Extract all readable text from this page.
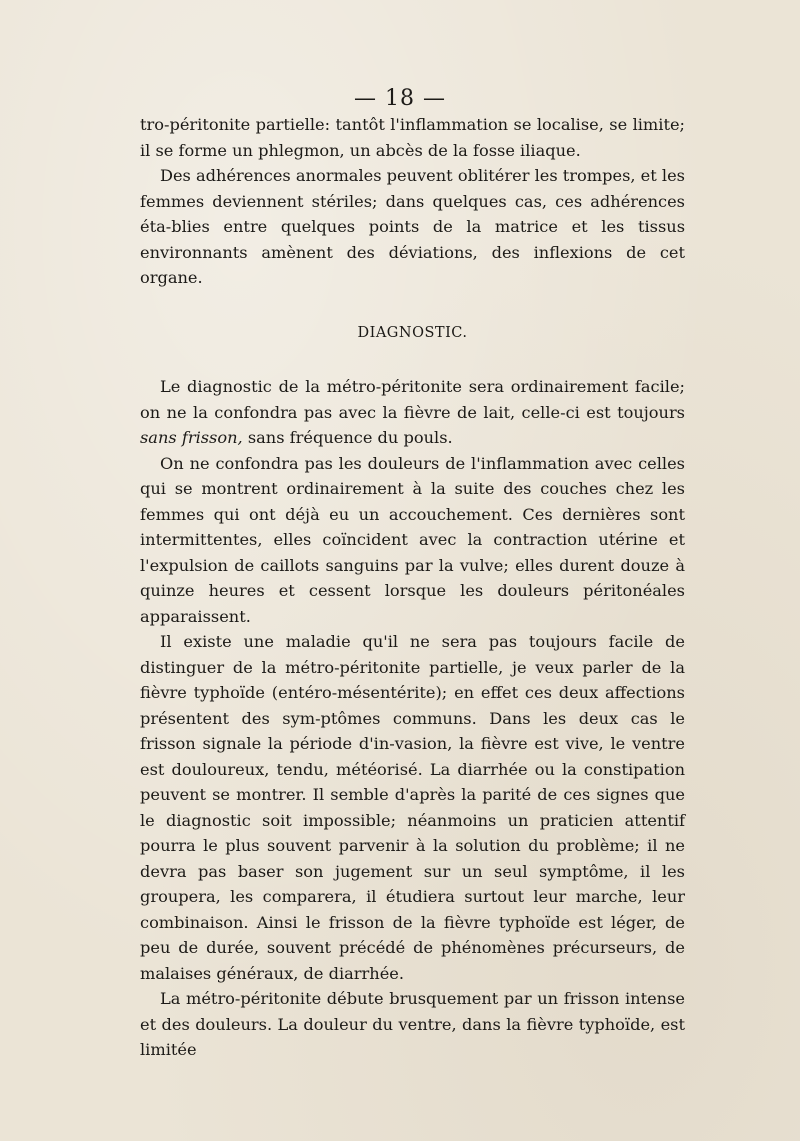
— 18 —

tro-péritonite partielle: tantôt l'inflammation se localise, se limite; il se forme un phlegmon, un abcès de la fosse iliaque.

Des adhérences anormales peuvent oblitérer les trompes, et les femmes deviennent stériles; dans quelques cas, ces adhérences éta-blies entre quelques points de la matrice et les tissus environnants amènent des déviations, des inflexions de cet organe.

DIAGNOSTIC.

Le diagnostic de la métro-péritonite sera ordinairement facile; on ne la confondra pas avec la fièvre de lait, celle-ci est toujours sans frisson, sans fréquence du pouls.

On ne confondra pas les douleurs de l'inflammation avec celles qui se montrent ordinairement à la suite des couches chez les femmes qui ont déjà eu un accouchement. Ces dernières sont intermittentes, elles coïncident avec la contraction utérine et l'expulsion de caillots sanguins par la vulve; elles durent douze à quinze heures et cessent lorsque les douleurs péritonéales apparaissent.

Il existe une maladie qu'il ne sera pas toujours facile de distinguer de la métro-péritonite partielle, je veux parler de la fièvre typhoïde (entéro-mésentérite); en effet ces deux affections présentent des sym-ptômes communs. Dans les deux cas le frisson signale la période d'in-vasion, la fièvre est vive, le ventre est douloureux, tendu, météorisé. La diarrhée ou la constipation peuvent se montrer. Il semble d'après la parité de ces signes que le diagnostic soit impossible; néanmoins un praticien attentif pourra le plus souvent parvenir à la solution du problème; il ne devra pas baser son jugement sur un seul symptôme, il les groupera, les comparera, il étudiera surtout leur marche, leur combinaison. Ainsi le frisson de la fièvre typhoïde est léger, de peu de durée, souvent précédé de phénomènes précurseurs, de malaises généraux, de diarrhée.

La métro-péritonite débute brusquement par un frisson intense et des douleurs. La douleur du ventre, dans la fièvre typhoïde, est limitée
